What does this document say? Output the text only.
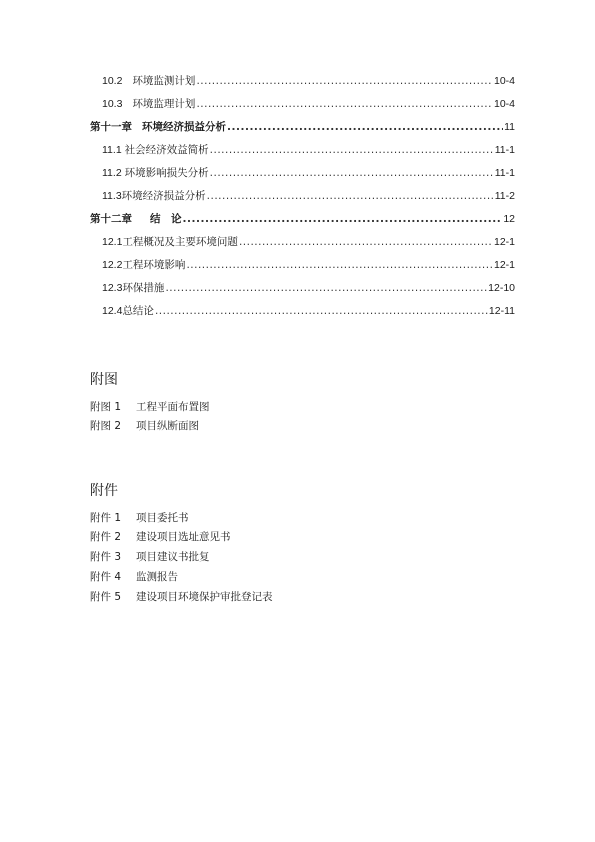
10.2 环境监测计划 .....	10-4
10.3 环境监理计划 .....	10-4
第十一章 环境经济损益分析 .....	11
11.1 社会经济效益简析 .....	11-1
11.2 环境影响损失分析 .....	11-1
11.3环境经济损益分析 .....	11-2
第十二章 结　论 .....	12
12.1工程概况及主要环境问题 .....	12-1
12.2工程环境影响 .....	12-1
12.3环保措施 .....	12-10
12.4总结论 .....	12-11
附图
附图 1 工程平面布置图
附图 2 项目纵断面图
附件
附件 1 项目委托书
附件 2 建设项目选址意见书
附件 3 项目建议书批复
附件 4 监测报告
附件 5 建设项目环境保护审批登记表
